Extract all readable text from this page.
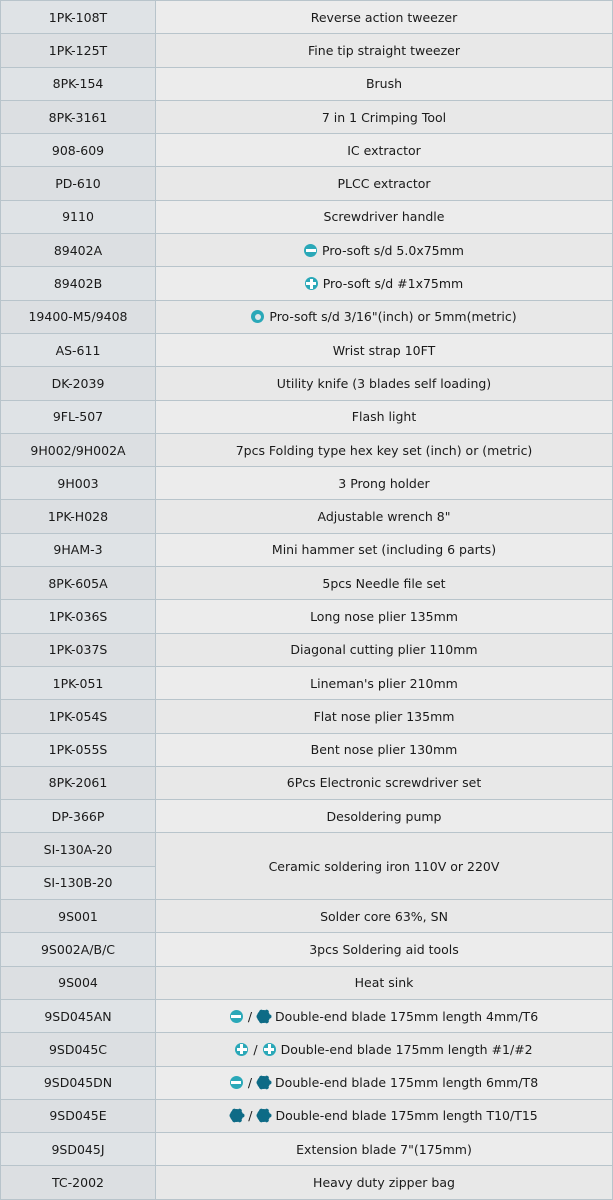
1PK-108T	Reverse action tweezer

1PK-125T	Fine tip straight tweezer

8PK-154	Brush

8PK-3161	7 in 1 Crimping Tool

908-609	IC extractor

PD-610	PLCC extractor

9110	Screwdriver handle

89402A	Pro-soft s/d 5.0x75mm

89402B	Pro-soft s/d #1x75mm

19400-M5/9408	Pro-soft s/d 3/16"(inch) or 5mm(metric)

AS-611	Wrist strap 10FT

DK-2039	Utility knife (3 blades self loading)

9FL-507	Flash light

9H002/9H002A	7pcs Folding type hex key set (inch) or (metric)

9H003	3 Prong holder

1PK-H028	Adjustable wrench 8"

9HAM-3	Mini hammer set (including 6 parts)

8PK-605A	5pcs Needle file set

1PK-036S	Long nose plier 135mm

1PK-037S	Diagonal cutting plier 110mm

1PK-051	Lineman's plier 210mm

1PK-054S	Flat nose plier 135mm

1PK-055S	Bent nose plier 130mm

8PK-2061	6Pcs Electronic screwdriver set

DP-366P	Desoldering pump

SI-130A-20	Ceramic soldering iron 110V or 220V

SI-130B-20	
9S001	Solder core 63%, SN

9S002A/B/C	3pcs Soldering aid tools

9S004	Heat sink

9SD045AN	/ Double-end blade 175mm length 4mm/T6

9SD045C	/ Double-end blade 175mm length #1/#2

9SD045DN	/ Double-end blade 175mm length 6mm/T8

9SD045E	/ Double-end blade 175mm length T10/T15

9SD045J	Extension blade 7"(175mm)

TC-2002	Heavy duty zipper bag
